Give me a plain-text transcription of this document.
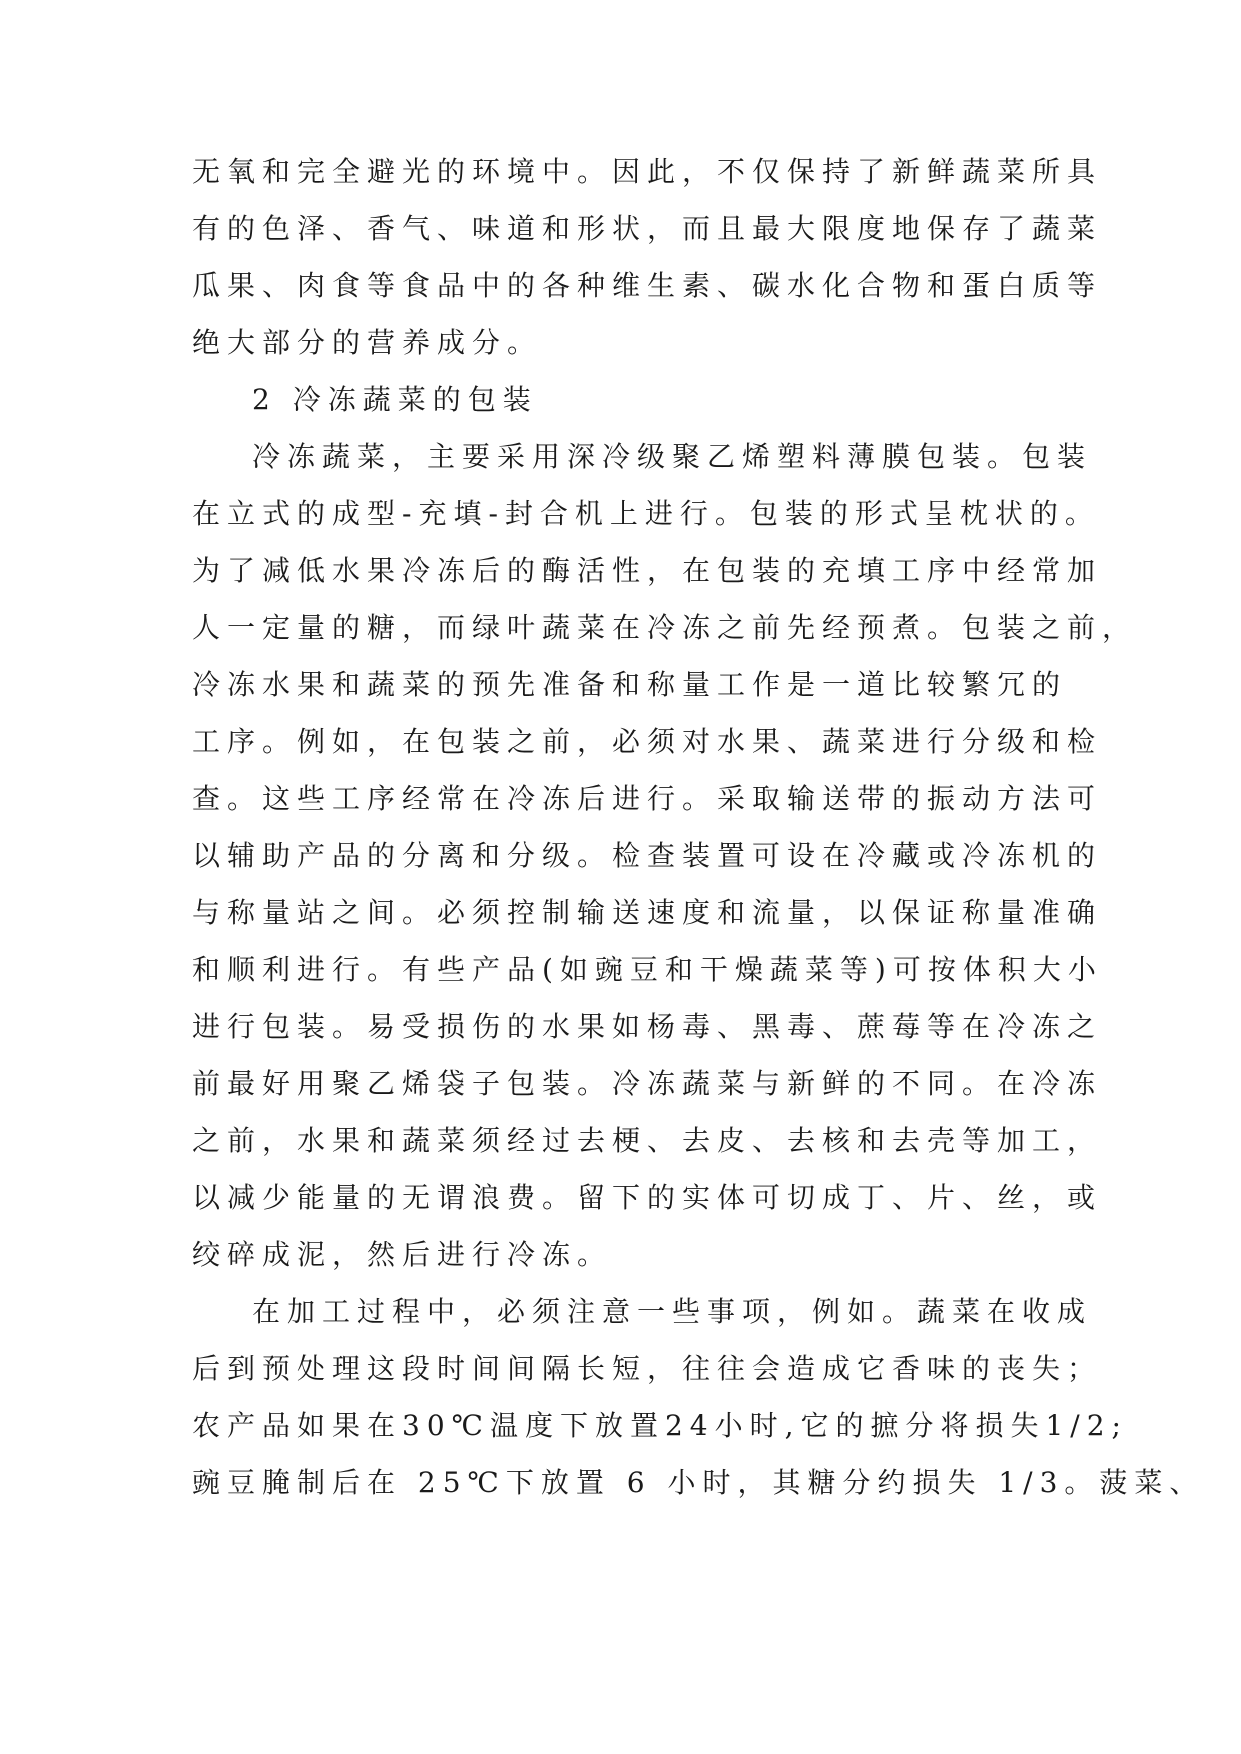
无氧和完全避光的环境中。因此，不仅保持了新鲜蔬菜所具
有的色泽、香气、味道和形状，而且最大限度地保存了蔬菜
瓜果、肉食等食品中的各种维生素、碳水化合物和蛋白质等
绝大部分的营养成分。
2 冷冻蔬菜的包装
冷冻蔬菜，主要采用深冷级聚乙烯塑料薄膜包装。包装
在立式的成型-充填-封合机上进行。包装的形式呈枕状的。
为了减低水果冷冻后的酶活性，在包装的充填工序中经常加
人一定量的糖，而绿叶蔬菜在冷冻之前先经预煮。包装之前，
冷冻水果和蔬菜的预先准备和称量工作是一道比较繁冗的
工序。例如，在包装之前，必须对水果、蔬菜进行分级和检
查。这些工序经常在冷冻后进行。采取输送带的振动方法可
以辅助产品的分离和分级。检查装置可设在冷藏或冷冻机的
与称量站之间。必须控制输送速度和流量，以保证称量准确
和顺利进行。有些产品(如豌豆和干燥蔬菜等)可按体积大小
进行包装。易受损伤的水果如杨毒、黑毒、蔗莓等在冷冻之
前最好用聚乙烯袋子包装。冷冻蔬菜与新鲜的不同。在冷冻
之前，水果和蔬菜须经过去梗、去皮、去核和去壳等加工，
以减少能量的无谓浪费。留下的实体可切成丁、片、丝，或
绞碎成泥，然后进行冷冻。
在加工过程中，必须注意一些事项，例如。蔬菜在收成
后到预处理这段时间间隔长短，往往会造成它香味的丧失；
农产品如果在30℃温度下放置24小时,它的摭分将损失1/2;
豌豆腌制后在 25℃下放置 6 小时，其糖分约损失 1/3。菠菜、
